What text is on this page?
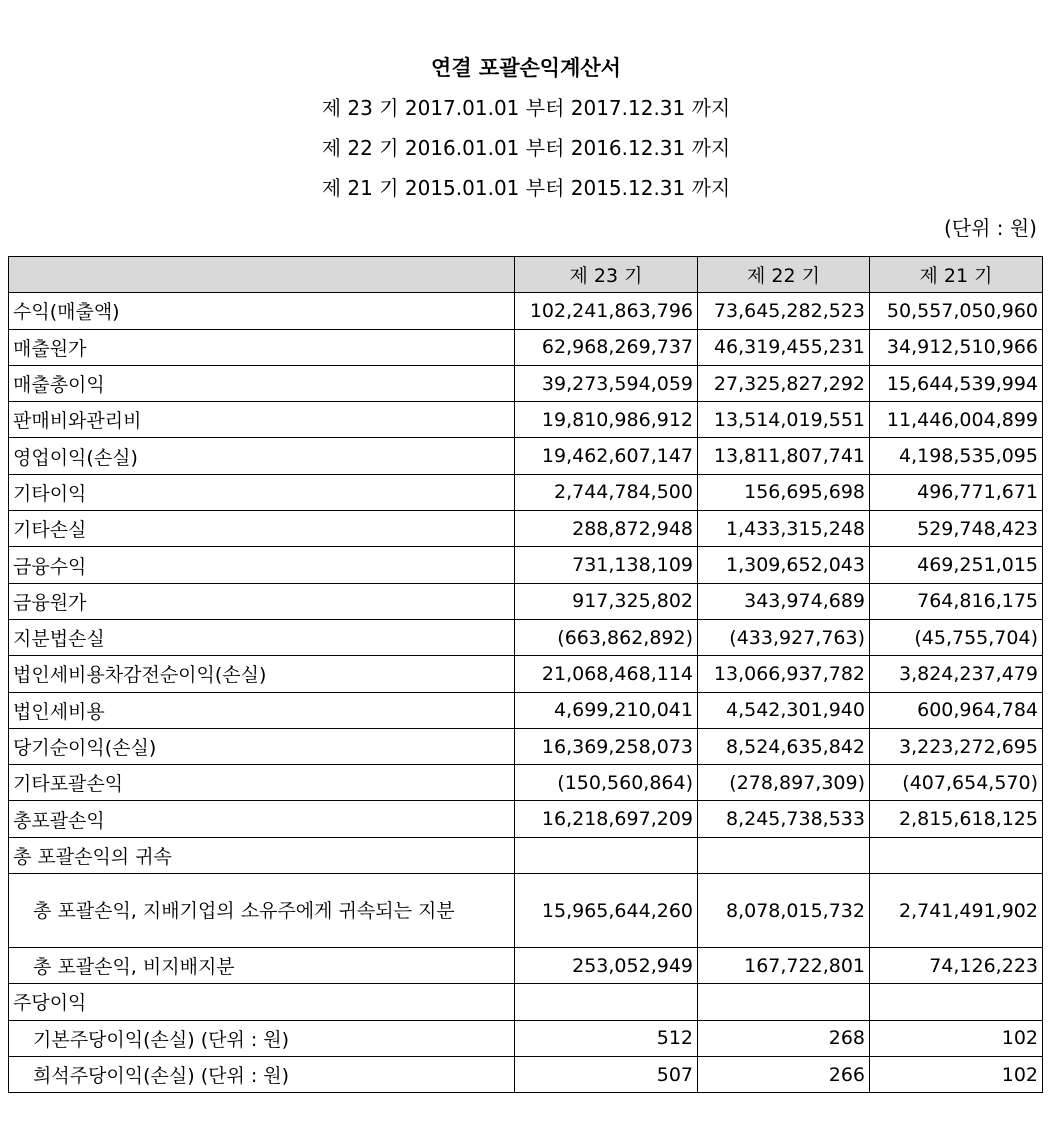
연결 포괄손익계산서
제 23 기 2017.01.01 부터 2017.12.31 까지
제 22 기 2016.01.01 부터 2016.12.31 까지
제 21 기 2015.01.01 부터 2015.12.31 까지
(단위 : 원)
	제 23 기	제 22 기	제 21 기
수익(매출액)	102,241,863,796	73,645,282,523	50,557,050,960
매출원가	62,968,269,737	46,319,455,231	34,912,510,966
매출총이익	39,273,594,059	27,325,827,292	15,644,539,994
판매비와관리비	19,810,986,912	13,514,019,551	11,446,004,899
영업이익(손실)	19,462,607,147	13,811,807,741	4,198,535,095
기타이익	2,744,784,500	156,695,698	496,771,671
기타손실	288,872,948	1,433,315,248	529,748,423
금융수익	731,138,109	1,309,652,043	469,251,015
금융원가	917,325,802	343,974,689	764,816,175
지분법손실	(663,862,892)	(433,927,763)	(45,755,704)
법인세비용차감전순이익(손실)	21,068,468,114	13,066,937,782	3,824,237,479
법인세비용	4,699,210,041	4,542,301,940	600,964,784
당기순이익(손실)	16,369,258,073	8,524,635,842	3,223,272,695
기타포괄손익	(150,560,864)	(278,897,309)	(407,654,570)
총포괄손익	16,218,697,209	8,245,738,533	2,815,618,125
총 포괄손익의 귀속			
총 포괄손익, 지배기업의 소유주에게 귀속되는 지분	15,965,644,260	8,078,015,732	2,741,491,902
총 포괄손익, 비지배지분	253,052,949	167,722,801	74,126,223
주당이익			
기본주당이익(손실) (단위 : 원)	512	268	102
희석주당이익(손실) (단위 : 원)	507	266	102
